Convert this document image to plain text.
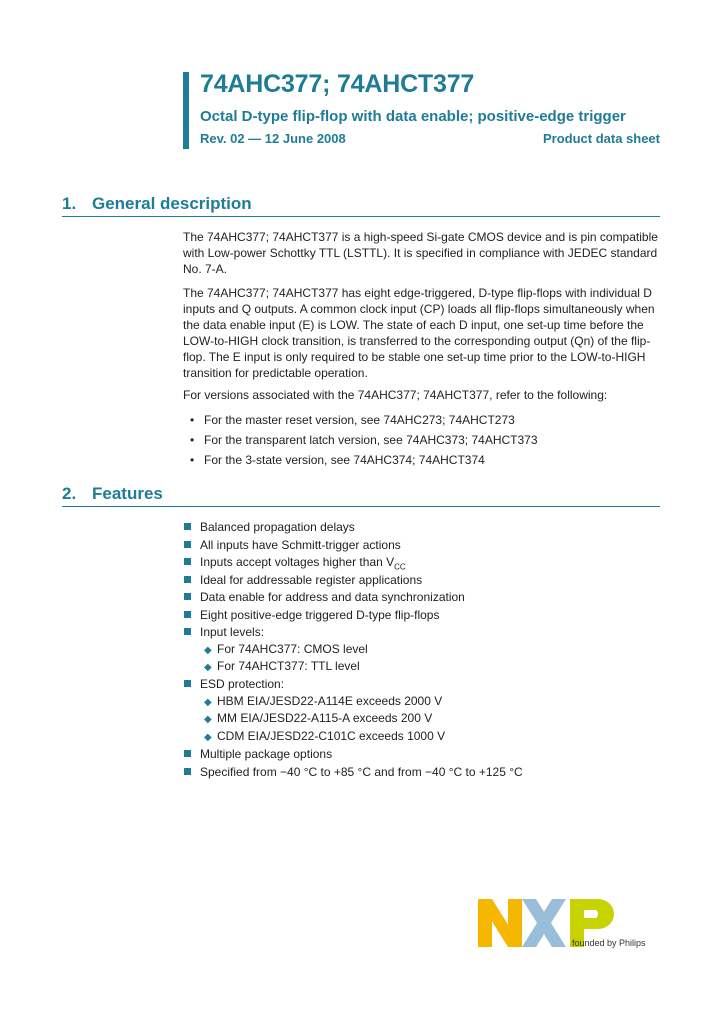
74AHC377; 74AHCT377
Octal D-type flip-flop with data enable; positive-edge trigger
Rev. 02 — 12 June 2008	Product data sheet
1. General description
The 74AHC377; 74AHCT377 is a high-speed Si-gate CMOS device and is pin compatible with Low-power Schottky TTL (LSTTL). It is specified in compliance with JEDEC standard No. 7-A.
The 74AHC377; 74AHCT377 has eight edge-triggered, D-type flip-flops with individual D inputs and Q outputs. A common clock input (CP) loads all flip-flops simultaneously when the data enable input (E) is LOW. The state of each D input, one set-up time before the LOW-to-HIGH clock transition, is transferred to the corresponding output (Qn) of the flip-flop. The E input is only required to be stable one set-up time prior to the LOW-to-HIGH transition for predictable operation.
For versions associated with the 74AHC377; 74AHCT377, refer to the following:
• For the master reset version, see 74AHC273; 74AHCT273
• For the transparent latch version, see 74AHC373; 74AHCT373
• For the 3-state version, see 74AHC374; 74AHCT374
2. Features
Balanced propagation delays
All inputs have Schmitt-trigger actions
Inputs accept voltages higher than $V_{CC}$
Ideal for addressable register applications
Data enable for address and data synchronization
Eight positive-edge triggered D-type flip-flops
Input levels:
◆ For 74AHC377: CMOS level
◆ For 74AHCT377: TTL level
ESD protection:
◆ HBM EIA/JESD22-A114E exceeds 2000 V
◆ MM EIA/JESD22-A115-A exceeds 200 V
◆ CDM EIA/JESD22-C101C exceeds 1000 V
Multiple package options
Specified from −40 °C to +85 °C and from −40 °C to +125 °C
founded by Philips
